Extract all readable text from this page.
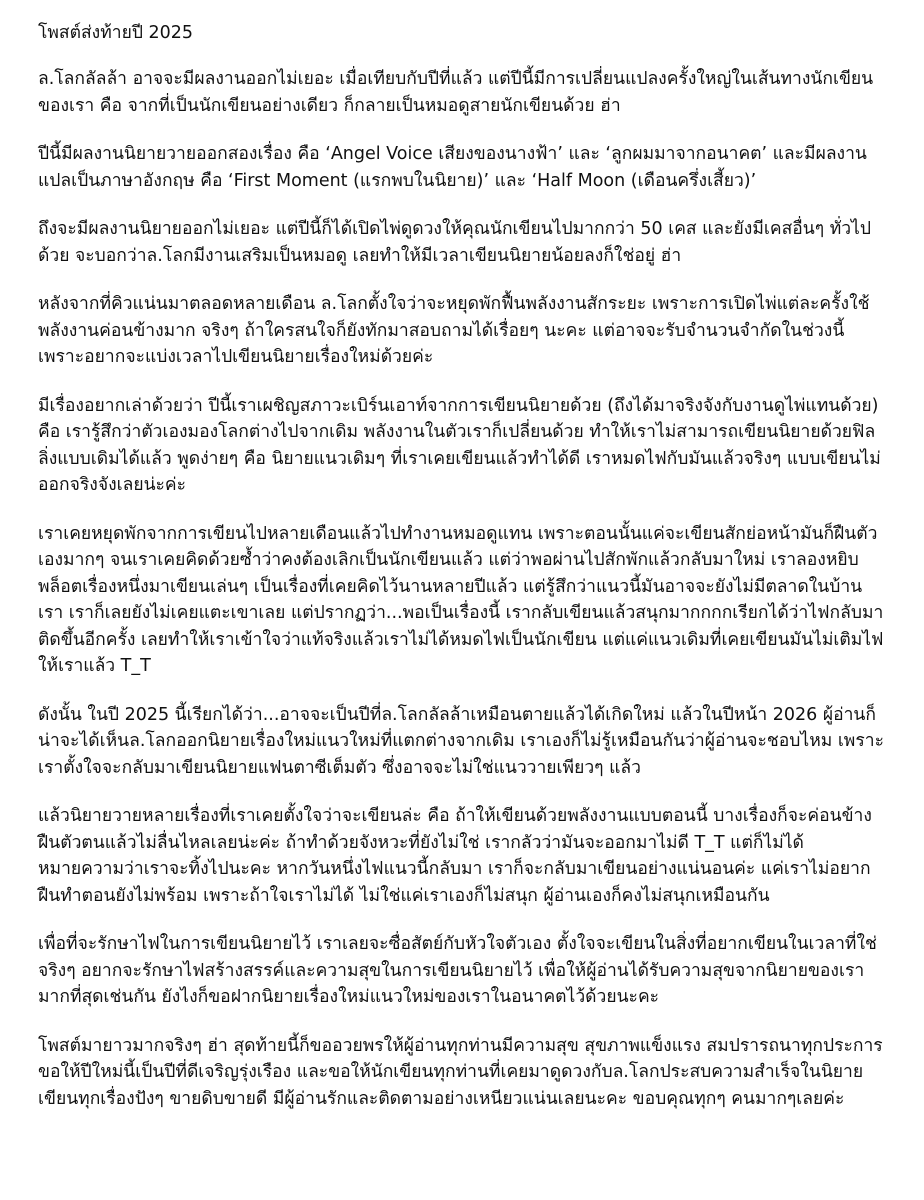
โพสต์ส่งท้ายปี 2025

ล.โลกลัลล้า อาจจะมีผลงานออกไม่เยอะ เมื่อเทียบกับปีที่แล้ว แต่ปีนี้มีการเปลี่ยนแปลงครั้งใหญ่ในเส้นทางนักเขียนของเรา คือ จากที่เป็นนักเขียนอย่างเดียว ก็กลายเป็นหมอดูสายนักเขียนด้วย ฮ่า

ปีนี้มีผลงานนิยายวายออกสองเรื่อง คือ ‘Angel Voice เสียงของนางฟ้า’ และ ‘ลูกผมมาจากอนาคต’ และมีผลงานแปลเป็นภาษาอังกฤษ คือ ‘First Moment (แรกพบในนิยาย)’ และ ‘Half Moon (เดือนครึ่งเสี้ยว)’

ถึงจะมีผลงานนิยายออกไม่เยอะ แต่ปีนี้ก็ได้เปิดไพ่ดูดวงให้คุณนักเขียนไปมากกว่า 50 เคส และยังมีเคสอื่นๆ ทั่วไปด้วย จะบอกว่าล.โลกมีงานเสริมเป็นหมอดู เลยทำให้มีเวลาเขียนนิยายน้อยลงก็ใช่อยู่ ฮ่า

หลังจากที่คิวแน่นมาตลอดหลายเดือน ล.โลกตั้งใจว่าจะหยุดพักฟื้นพลังงานสักระยะ เพราะการเปิดไพ่แต่ละครั้งใช้พลังงานค่อนข้างมาก จริงๆ ถ้าใครสนใจก็ยังทักมาสอบถามได้เรื่อยๆ นะคะ แต่อาจจะรับจำนวนจำกัดในช่วงนี้ เพราะอยากจะแบ่งเวลาไปเขียนนิยายเรื่องใหม่ด้วยค่ะ

มีเรื่องอยากเล่าด้วยว่า ปีนี้เราเผชิญสภาวะเบิร์นเอาท์จากการเขียนนิยายด้วย (ถึงได้มาจริงจังกับงานดูไพ่แทนด้วย) คือ เรารู้สึกว่าตัวเองมองโลกต่างไปจากเดิม พลังงานในตัวเราก็เปลี่ยนด้วย ทำให้เราไม่สามารถเขียนนิยายด้วยฟิลลิ่งแบบเดิมได้แล้ว พูดง่ายๆ คือ นิยายแนวเดิมๆ ที่เราเคยเขียนแล้วทำได้ดี เราหมดไฟกับมันแล้วจริงๆ แบบเขียนไม่ออกจริงจังเลยน่ะค่ะ

เราเคยหยุดพักจากการเขียนไปหลายเดือนแล้วไปทำงานหมอดูแทน เพราะตอนนั้นแค่จะเขียนสักย่อหน้ามันก็ฝืนตัวเองมากๆ จนเราเคยคิดด้วยซ้ำว่าคงต้องเลิกเป็นนักเขียนแล้ว แต่ว่าพอผ่านไปสักพักแล้วกลับมาใหม่ เราลองหยิบพล็อตเรื่องหนึ่งมาเขียนเล่นๆ เป็นเรื่องที่เคยคิดไว้นานหลายปีแล้ว แต่รู้สึกว่าแนวนี้มันอาจจะยังไม่มีตลาดในบ้านเรา เราก็เลยยังไม่เคยแตะเขาเลย แต่ปรากฏว่า...พอเป็นเรื่องนี้ เรากลับเขียนแล้วสนุกมากกกกเรียกได้ว่าไฟกลับมาติดขึ้นอีกครั้ง เลยทำให้เราเข้าใจว่าแท้จริงแล้วเราไม่ได้หมดไฟเป็นนักเขียน แต่แค่แนวเดิมที่เคยเขียนมันไม่เติมไฟให้เราแล้ว T_T

ดังนั้น ในปี 2025 นี้เรียกได้ว่า...อาจจะเป็นปีที่ล.โลกลัลล้าเหมือนตายแล้วได้เกิดใหม่ แล้วในปีหน้า 2026 ผู้อ่านก็น่าจะได้เห็นล.โลกออกนิยายเรื่องใหม่แนวใหม่ที่แตกต่างจากเดิม เราเองก็ไม่รู้เหมือนกันว่าผู้อ่านจะชอบไหม เพราะเราตั้งใจจะกลับมาเขียนนิยายแฟนตาซีเต็มตัว ซึ่งอาจจะไม่ใช่แนววายเพียวๆ แล้ว

แล้วนิยายวายหลายเรื่องที่เราเคยตั้งใจว่าจะเขียนล่ะ คือ ถ้าให้เขียนด้วยพลังงานแบบตอนนี้ บางเรื่องก็จะค่อนข้างฝืนตัวตนแล้วไม่ลื่นไหลเลยน่ะค่ะ ถ้าทำด้วยจังหวะที่ยังไม่ใช่ เรากลัวว่ามันจะออกมาไม่ดี T_T แต่ก็ไม่ได้หมายความว่าเราจะทิ้งไปนะคะ หากวันหนึ่งไฟแนวนี้กลับมา เราก็จะกลับมาเขียนอย่างแน่นอนค่ะ แค่เราไม่อยากฝืนทำตอนยังไม่พร้อม เพราะถ้าใจเราไม่ได้ ไม่ใช่แค่เราเองก็ไม่สนุก ผู้อ่านเองก็คงไม่สนุกเหมือนกัน

เพื่อที่จะรักษาไฟในการเขียนนิยายไว้ เราเลยจะซื่อสัตย์กับหัวใจตัวเอง ตั้งใจจะเขียนในสิ่งที่อยากเขียนในเวลาที่ใช่จริงๆ อยากจะรักษาไฟสร้างสรรค์และความสุขในการเขียนนิยายไว้ เพื่อให้ผู้อ่านได้รับความสุขจากนิยายของเรามากที่สุดเช่นกัน ยังไงก็ขอฝากนิยายเรื่องใหม่แนวใหม่ของเราในอนาคตไว้ด้วยนะคะ

โพสต์มายาวมากจริงๆ ฮ่า สุดท้ายนี้ก็ขออวยพรให้ผู้อ่านทุกท่านมีความสุข สุขภาพแข็งแรง สมปรารถนาทุกประการ ขอให้ปีใหม่นี้เป็นปีที่ดีเจริญรุ่งเรือง และขอให้นักเขียนทุกท่านที่เคยมาดูดวงกับล.โลกประสบความสำเร็จในนิยาย เขียนทุกเรื่องปังๆ ขายดิบขายดี มีผู้อ่านรักและติดตามอย่างเหนียวแน่นเลยนะคะ ขอบคุณทุกๆ คนมากๆเลยค่ะ
